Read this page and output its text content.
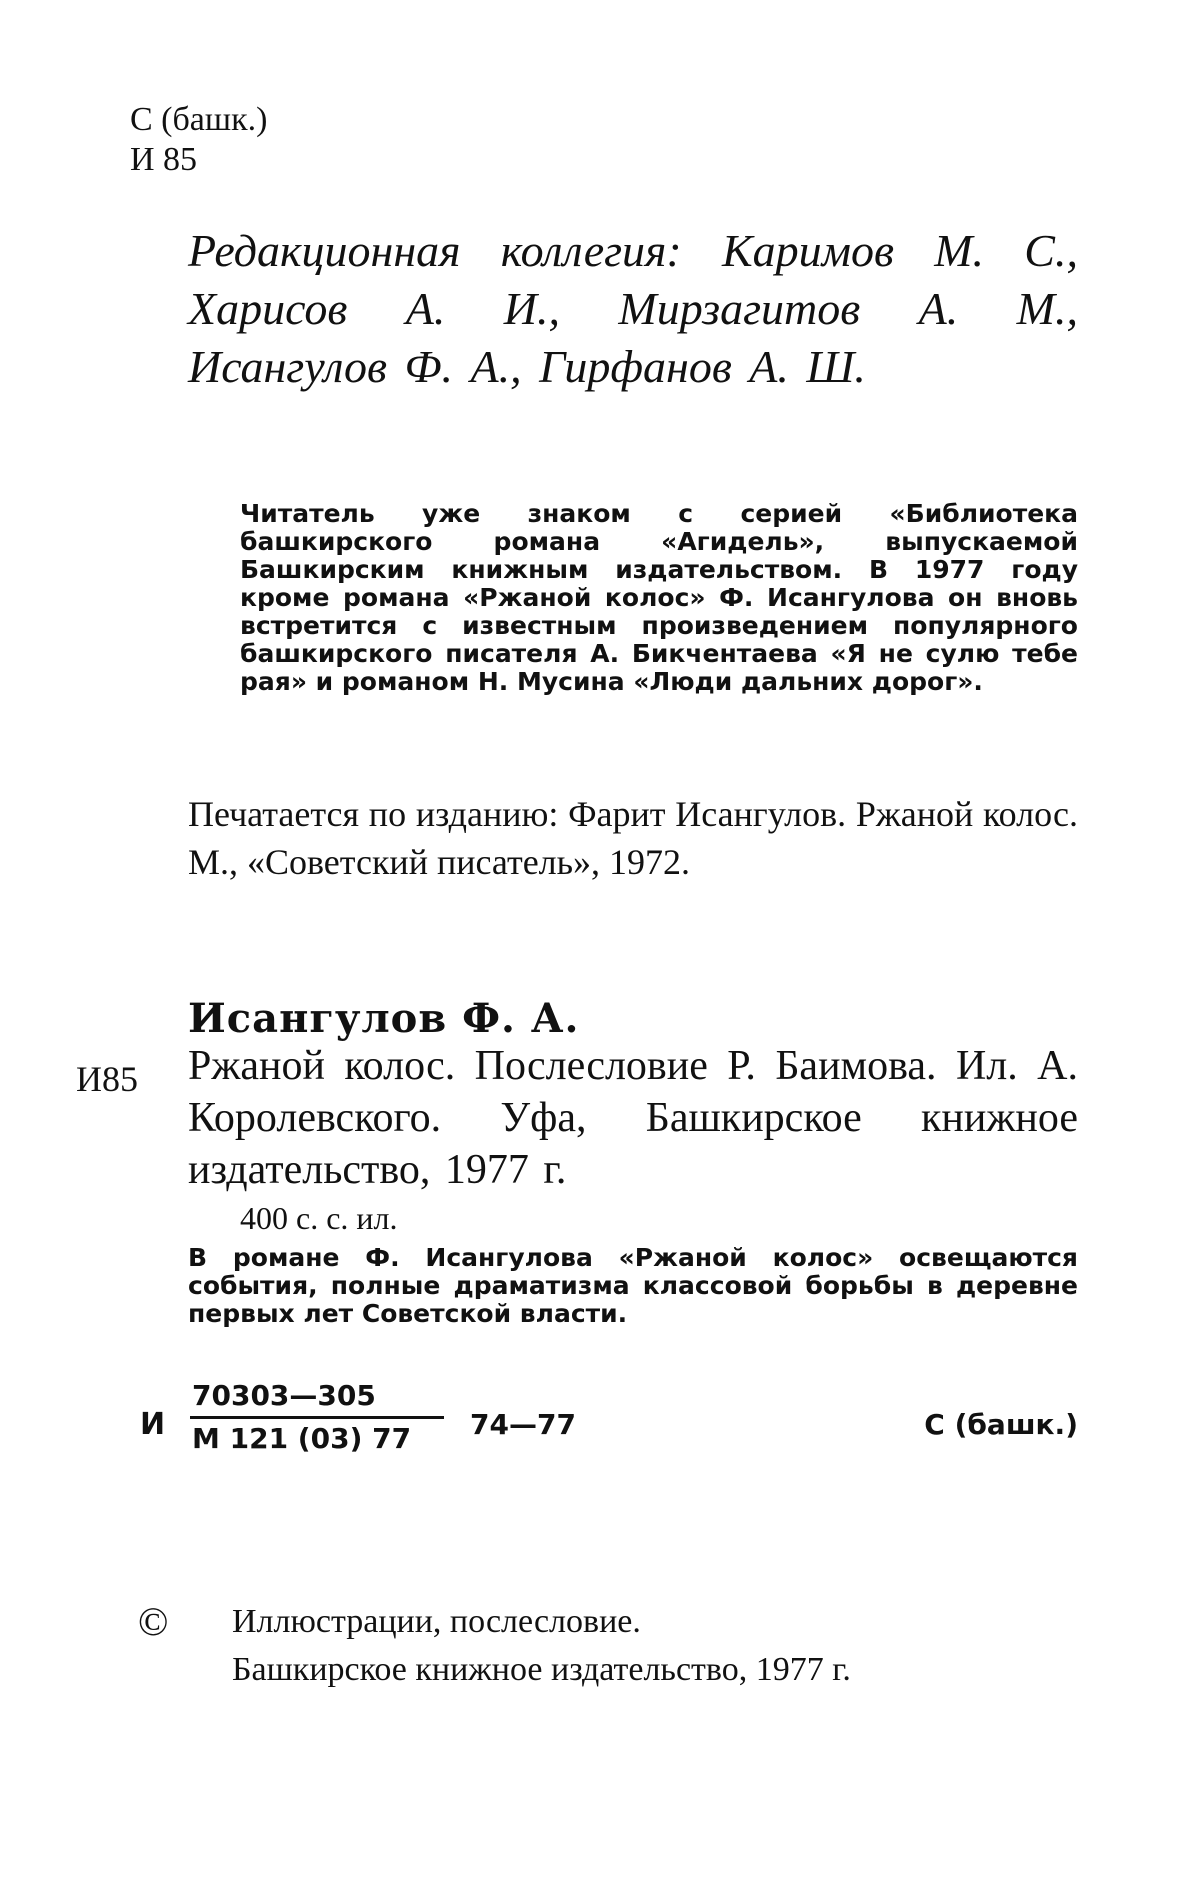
С (башк.)
И 85
Редакционная коллегия: Каримов М. С., Харисов А. И., Мирзагитов А. М., Исангулов Ф. А., Гирфанов А. Ш.
Читатель уже знаком с серией «Библиотека башкирского романа «Агидель», выпускаемой Башкирским книжным издательством. В 1977 году кроме романа «Ржаной колос» Ф. Исангулова он вновь встретится с известным произведением популярного башкирского писателя А. Бикчентаева «Я не сулю тебе рая» и романом Н. Мусина «Люди дальних дорог».
Печатается по изданию: Фарит Исангулов. Ржаной колос. М., «Советский писатель», 1972.
Исангулов Ф. А.
И85 Ржаной колос. Послесловие Р. Баимова. Ил. А. Королевского. Уфа, Башкирское книжное издательство, 1977 г.
400 с. с. ил.
В романе Ф. Исангулова «Ржаной колос» освещаются события, полные драматизма классовой борьбы в деревне первых лет Советской власти.
И
70303—305
М 121 (03) 77	74—77	С (башк.)
© Иллюстрации, послесловие.
Башкирское книжное издательство, 1977 г.
